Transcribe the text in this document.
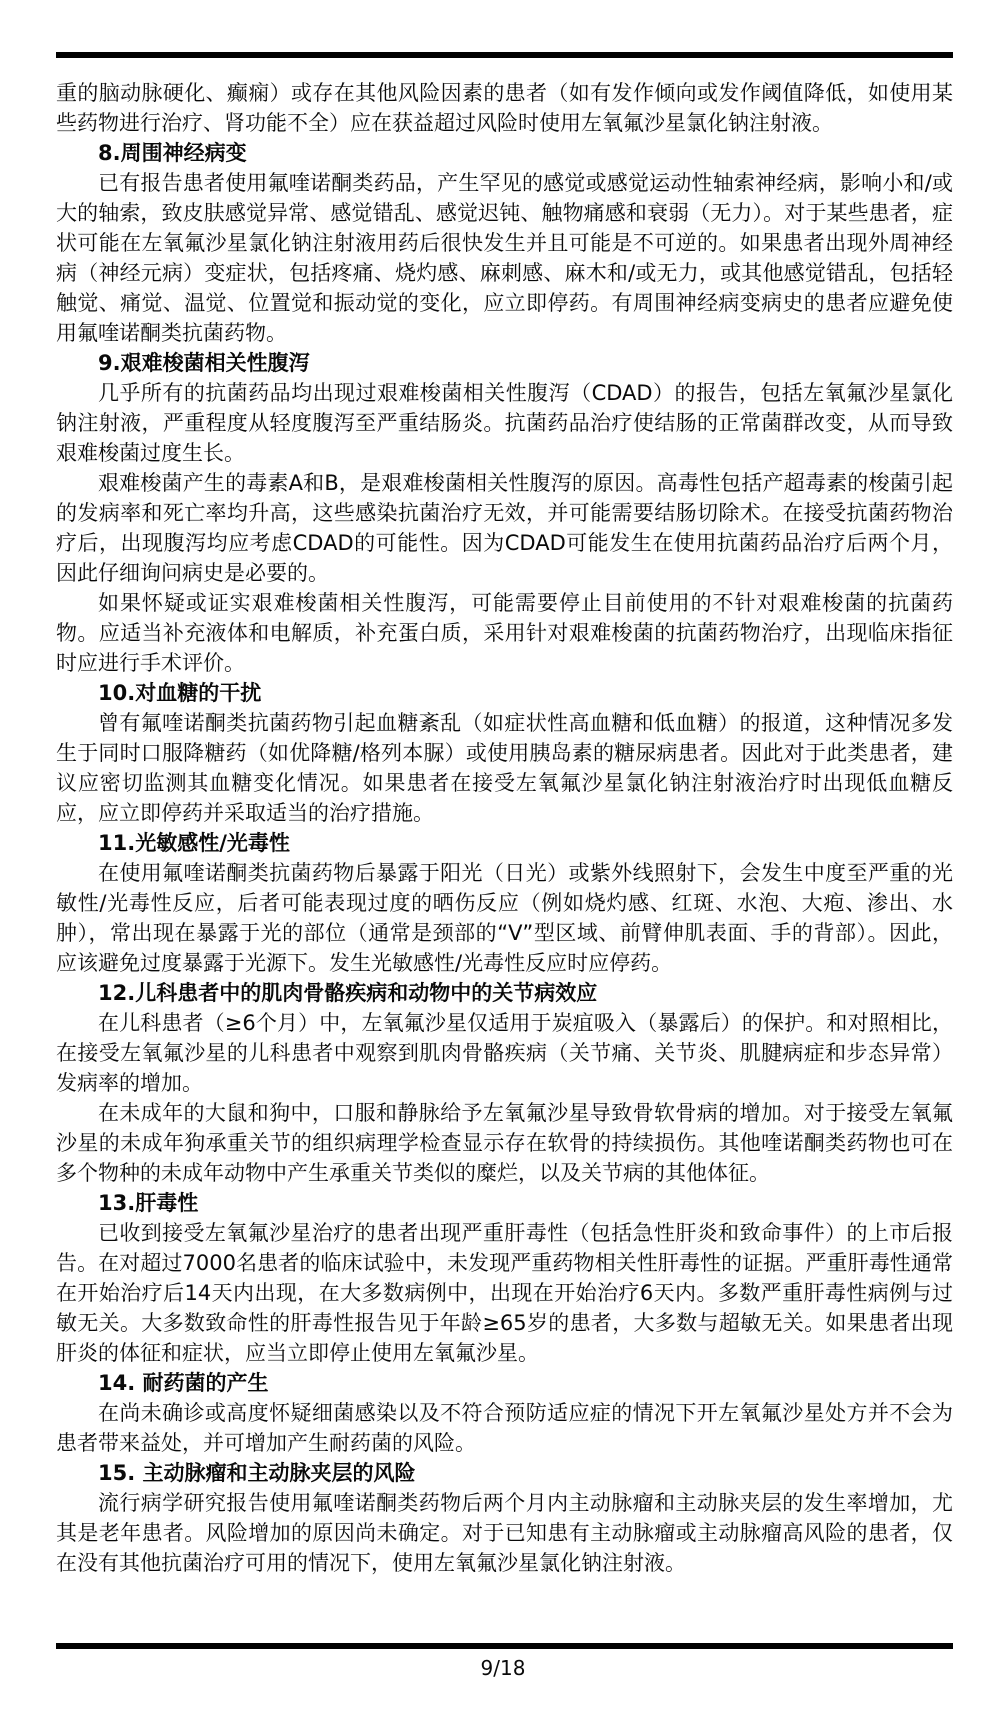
重的脑动脉硬化、癫痫）或存在其他风险因素的患者（如有发作倾向或发作阈值降低，如使用某些药物进行治疗、肾功能不全）应在获益超过风险时使用左氧氟沙星氯化钠注射液。

8.周围神经病变

已有报告患者使用氟喹诺酮类药品，产生罕见的感觉或感觉运动性轴索神经病，影响小和/或大的轴索，致皮肤感觉异常、感觉错乱、感觉迟钝、触物痛感和衰弱（无力）。对于某些患者，症状可能在左氧氟沙星氯化钠注射液用药后很快发生并且可能是不可逆的。如果患者出现外周神经病（神经元病）变症状，包括疼痛、烧灼感、麻刺感、麻木和/或无力，或其他感觉错乱，包括轻触觉、痛觉、温觉、位置觉和振动觉的变化，应立即停药。有周围神经病变病史的患者应避免使用氟喹诺酮类抗菌药物。

9.艰难梭菌相关性腹泻

几乎所有的抗菌药品均出现过艰难梭菌相关性腹泻（CDAD）的报告，包括左氧氟沙星氯化钠注射液，严重程度从轻度腹泻至严重结肠炎。抗菌药品治疗使结肠的正常菌群改变，从而导致艰难梭菌过度生长。

艰难梭菌产生的毒素A和B，是艰难梭菌相关性腹泻的原因。高毒性包括产超毒素的梭菌引起的发病率和死亡率均升高，这些感染抗菌治疗无效，并可能需要结肠切除术。在接受抗菌药物治疗后，出现腹泻均应考虑CDAD的可能性。因为CDAD可能发生在使用抗菌药品治疗后两个月，因此仔细询问病史是必要的。

如果怀疑或证实艰难梭菌相关性腹泻，可能需要停止目前使用的不针对艰难梭菌的抗菌药物。应适当补充液体和电解质，补充蛋白质，采用针对艰难梭菌的抗菌药物治疗，出现临床指征时应进行手术评价。

10.对血糖的干扰

曾有氟喹诺酮类抗菌药物引起血糖紊乱（如症状性高血糖和低血糖）的报道，这种情况多发生于同时口服降糖药（如优降糖/格列本脲）或使用胰岛素的糖尿病患者。因此对于此类患者，建议应密切监测其血糖变化情况。如果患者在接受左氧氟沙星氯化钠注射液治疗时出现低血糖反应，应立即停药并采取适当的治疗措施。

11.光敏感性/光毒性

在使用氟喹诺酮类抗菌药物后暴露于阳光（日光）或紫外线照射下，会发生中度至严重的光敏性/光毒性反应，后者可能表现过度的晒伤反应（例如烧灼感、红斑、水泡、大疱、渗出、水肿），常出现在暴露于光的部位（通常是颈部的“V”型区域、前臂伸肌表面、手的背部）。因此，应该避免过度暴露于光源下。发生光敏感性/光毒性反应时应停药。

12.儿科患者中的肌肉骨骼疾病和动物中的关节病效应

在儿科患者（≥6个月）中，左氧氟沙星仅适用于炭疽吸入（暴露后）的保护。和对照相比，在接受左氧氟沙星的儿科患者中观察到肌肉骨骼疾病（关节痛、关节炎、肌腱病症和步态异常）发病率的增加。

在未成年的大鼠和狗中，口服和静脉给予左氧氟沙星导致骨软骨病的增加。对于接受左氧氟沙星的未成年狗承重关节的组织病理学检查显示存在软骨的持续损伤。其他喹诺酮类药物也可在多个物种的未成年动物中产生承重关节类似的糜烂，以及关节病的其他体征。

13.肝毒性

已收到接受左氧氟沙星治疗的患者出现严重肝毒性（包括急性肝炎和致命事件）的上市后报告。在对超过7000名患者的临床试验中，未发现严重药物相关性肝毒性的证据。严重肝毒性通常在开始治疗后14天内出现，在大多数病例中，出现在开始治疗6天内。多数严重肝毒性病例与过敏无关。大多数致命性的肝毒性报告见于年龄≥65岁的患者，大多数与超敏无关。如果患者出现肝炎的体征和症状，应当立即停止使用左氧氟沙星。

14. 耐药菌的产生

在尚未确诊或高度怀疑细菌感染以及不符合预防适应症的情况下开左氧氟沙星处方并不会为患者带来益处，并可增加产生耐药菌的风险。

15. 主动脉瘤和主动脉夹层的风险

流行病学研究报告使用氟喹诺酮类药物后两个月内主动脉瘤和主动脉夹层的发生率增加，尤其是老年患者。风险增加的原因尚未确定。对于已知患有主动脉瘤或主动脉瘤高风险的患者，仅在没有其他抗菌治疗可用的情况下，使用左氧氟沙星氯化钠注射液。

9/18
